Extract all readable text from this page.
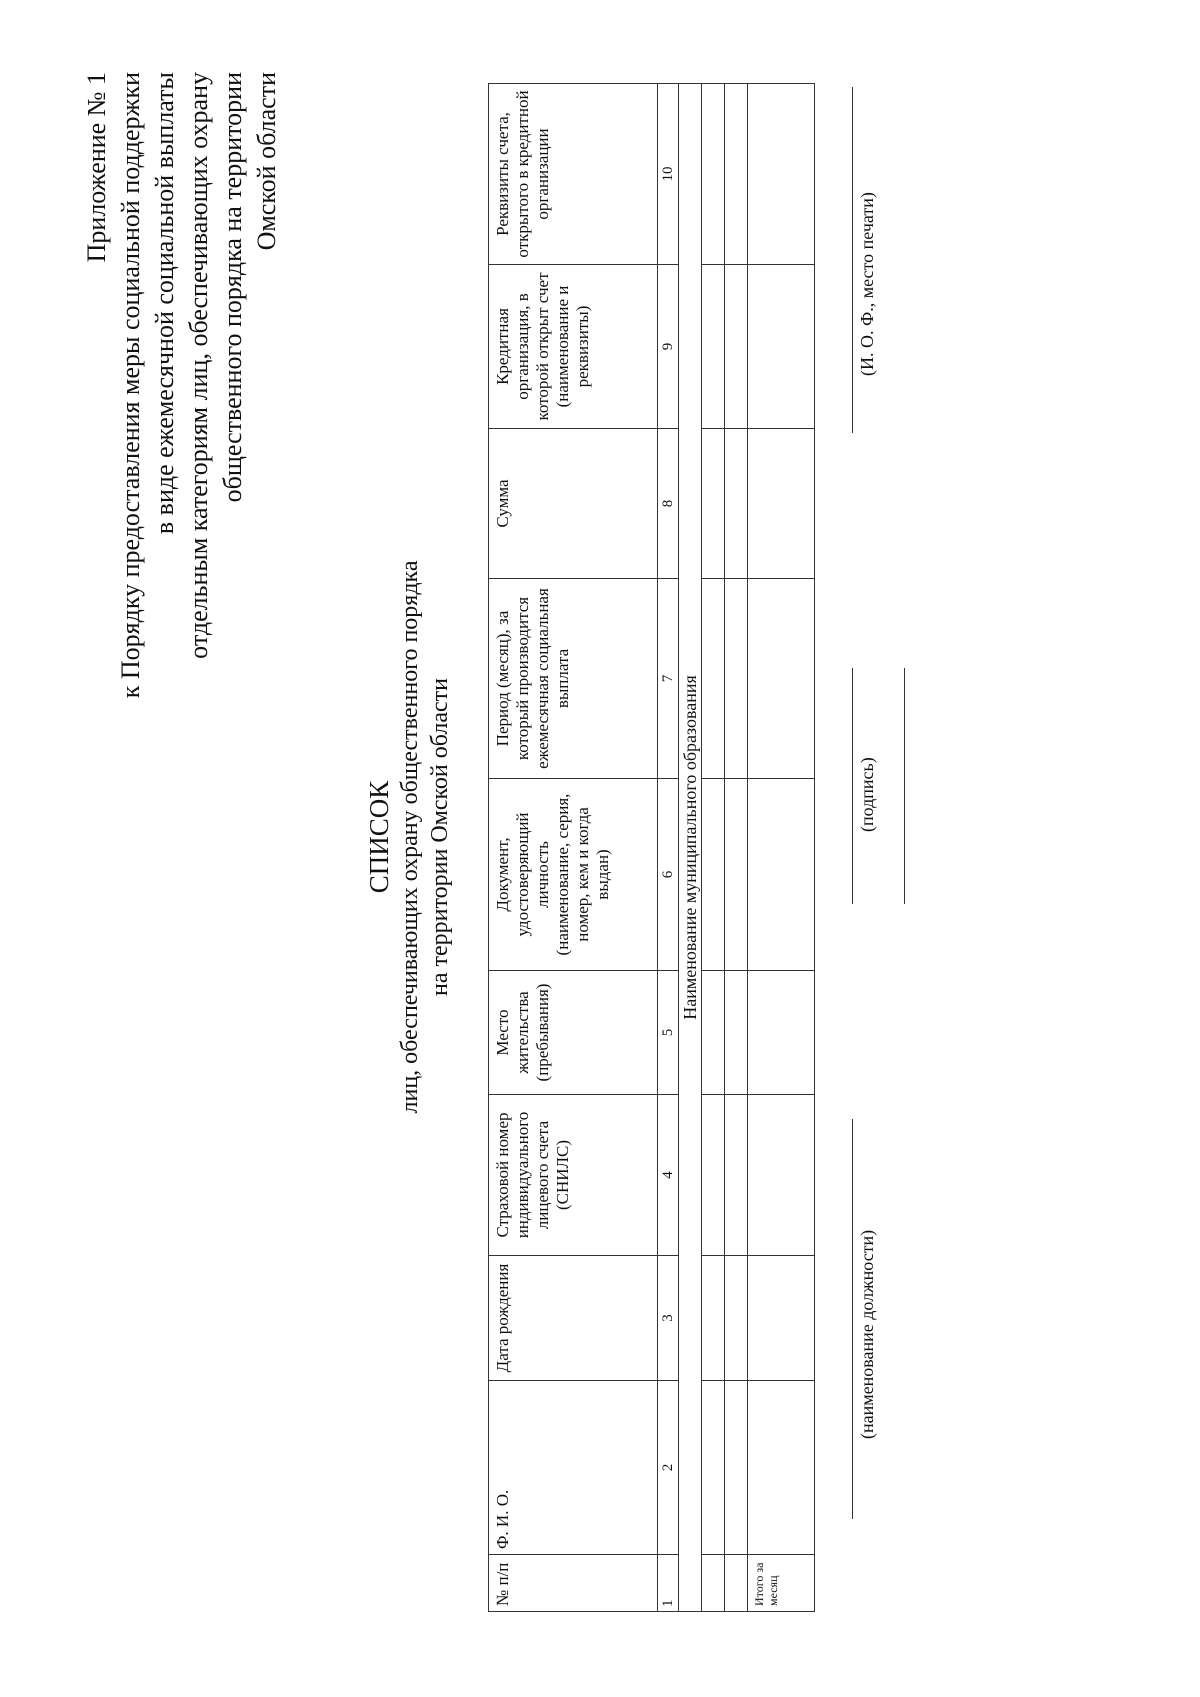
Приложение № 1 к Порядку предоставления меры социальной поддержки в виде ежемесячной социальной выплаты отдельным категориям лиц, обеспечивающих охрану общественного порядка на территории Омской области
СПИСОК лиц, обеспечивающих охрану общественного порядка на территории Омской области
№ п/п	Ф. И. О.	Дата рождения	Страховой номер индивидуального лицевого счета (СНИЛС)	Место жительства (пребывания)	Документ, удостоверяющий личность (наименование, серия, номер, кем и когда выдан)	Период (месяц), за который производится ежемесячная социальная выплата	Сумма	Кредитная организация, в которой открыт счет (наименование и реквизиты)	Реквизиты счета, открытого в кредитной организации
1	2	3	4	5	6	7	8	9	10
Наименование муниципального образования									

Итого за месяц									
(наименование должности)
(подпись)
(И. О. Ф., место печати)
